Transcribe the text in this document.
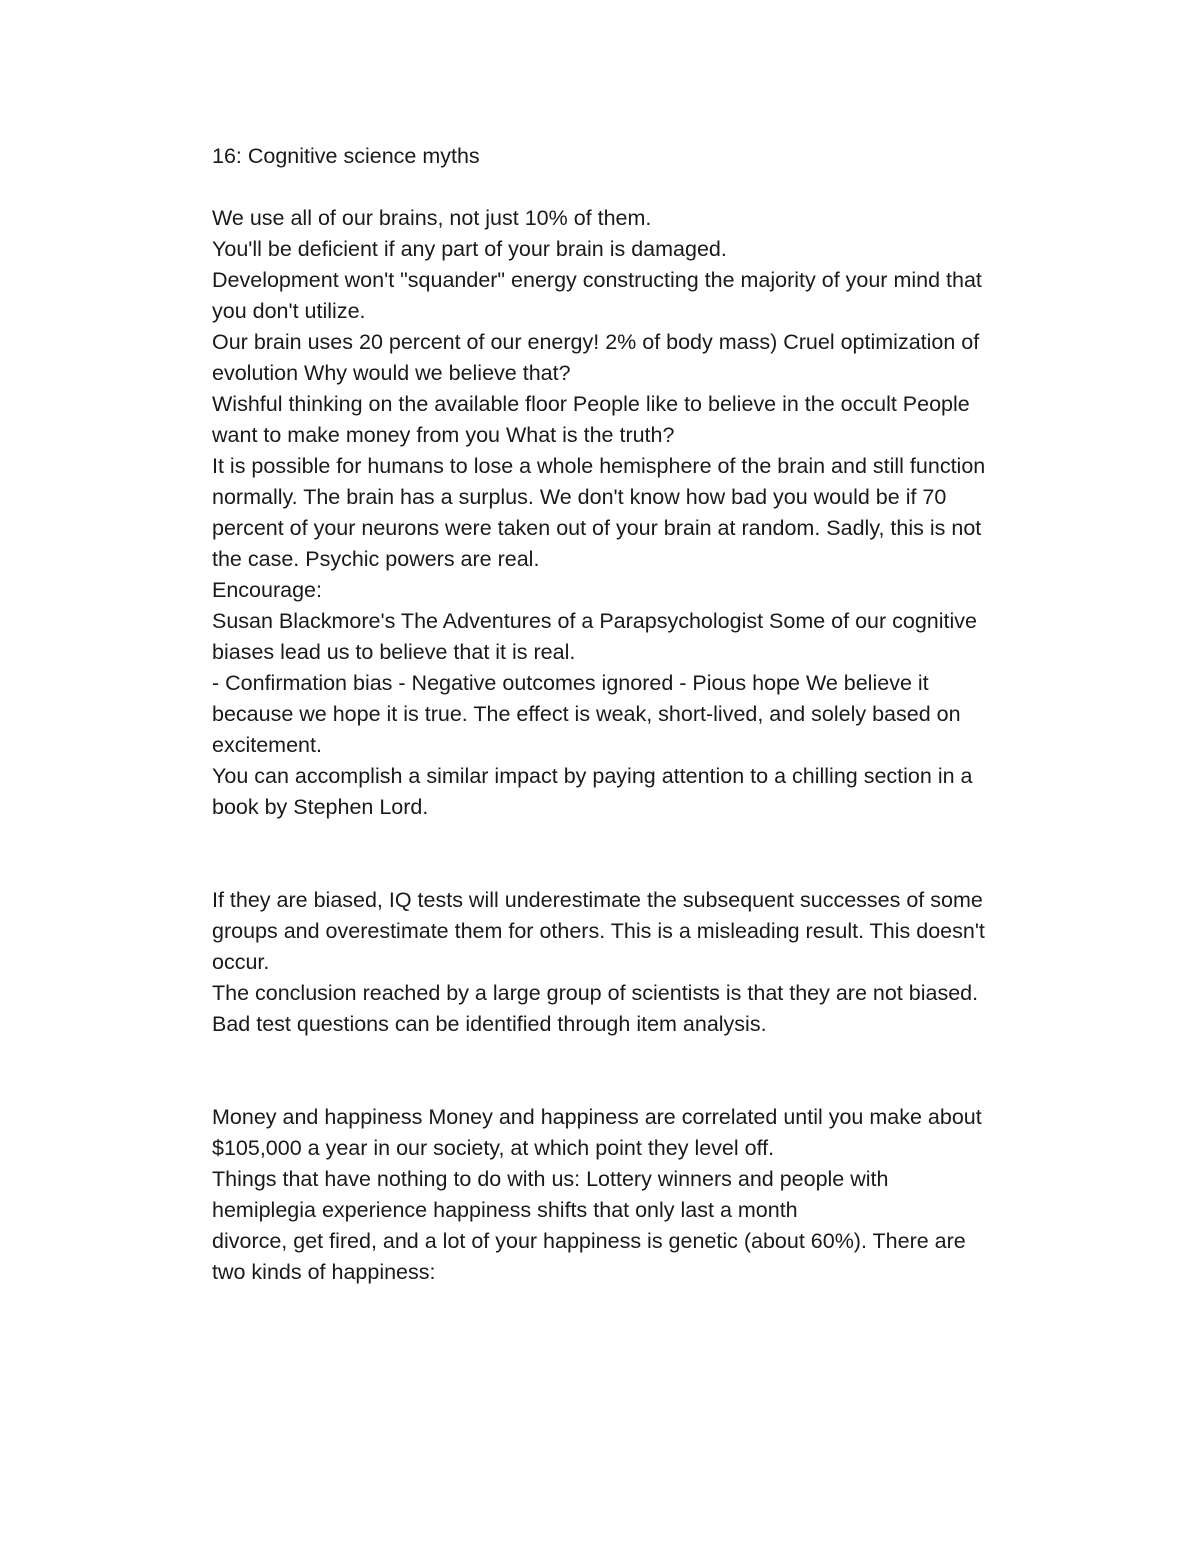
16: Cognitive science myths
We use all of our brains, not just 10% of them.
You'll be deficient if any part of your brain is damaged.
Development won't "squander" energy constructing the majority of your mind that
you don't utilize.
Our brain uses 20 percent of our energy! 2% of body mass) Cruel optimization of
evolution Why would we believe that?
Wishful thinking on the available floor People like to believe in the occult People
want to make money from you What is the truth?
It is possible for humans to lose a whole hemisphere of the brain and still function
normally. The brain has a surplus. We don't know how bad you would be if 70
percent of your neurons were taken out of your brain at random. Sadly, this is not
the case. Psychic powers are real.
Encourage:
Susan Blackmore's The Adventures of a Parapsychologist Some of our cognitive
biases lead us to believe that it is real.
- Confirmation bias - Negative outcomes ignored - Pious hope We believe it
because we hope it is true. The effect is weak, short-lived, and solely based on
excitement.
You can accomplish a similar impact by paying attention to a chilling section in a
book by Stephen Lord.
If they are biased, IQ tests will underestimate the subsequent successes of some
groups and overestimate them for others. This is a misleading result. This doesn't
occur.
The conclusion reached by a large group of scientists is that they are not biased.
Bad test questions can be identified through item analysis.
Money and happiness Money and happiness are correlated until you make about
$105,000 a year in our society, at which point they level off.
Things that have nothing to do with us: Lottery winners and people with
hemiplegia experience happiness shifts that only last a month
divorce, get fired, and a lot of your happiness is genetic (about 60%). There are
two kinds of happiness:
